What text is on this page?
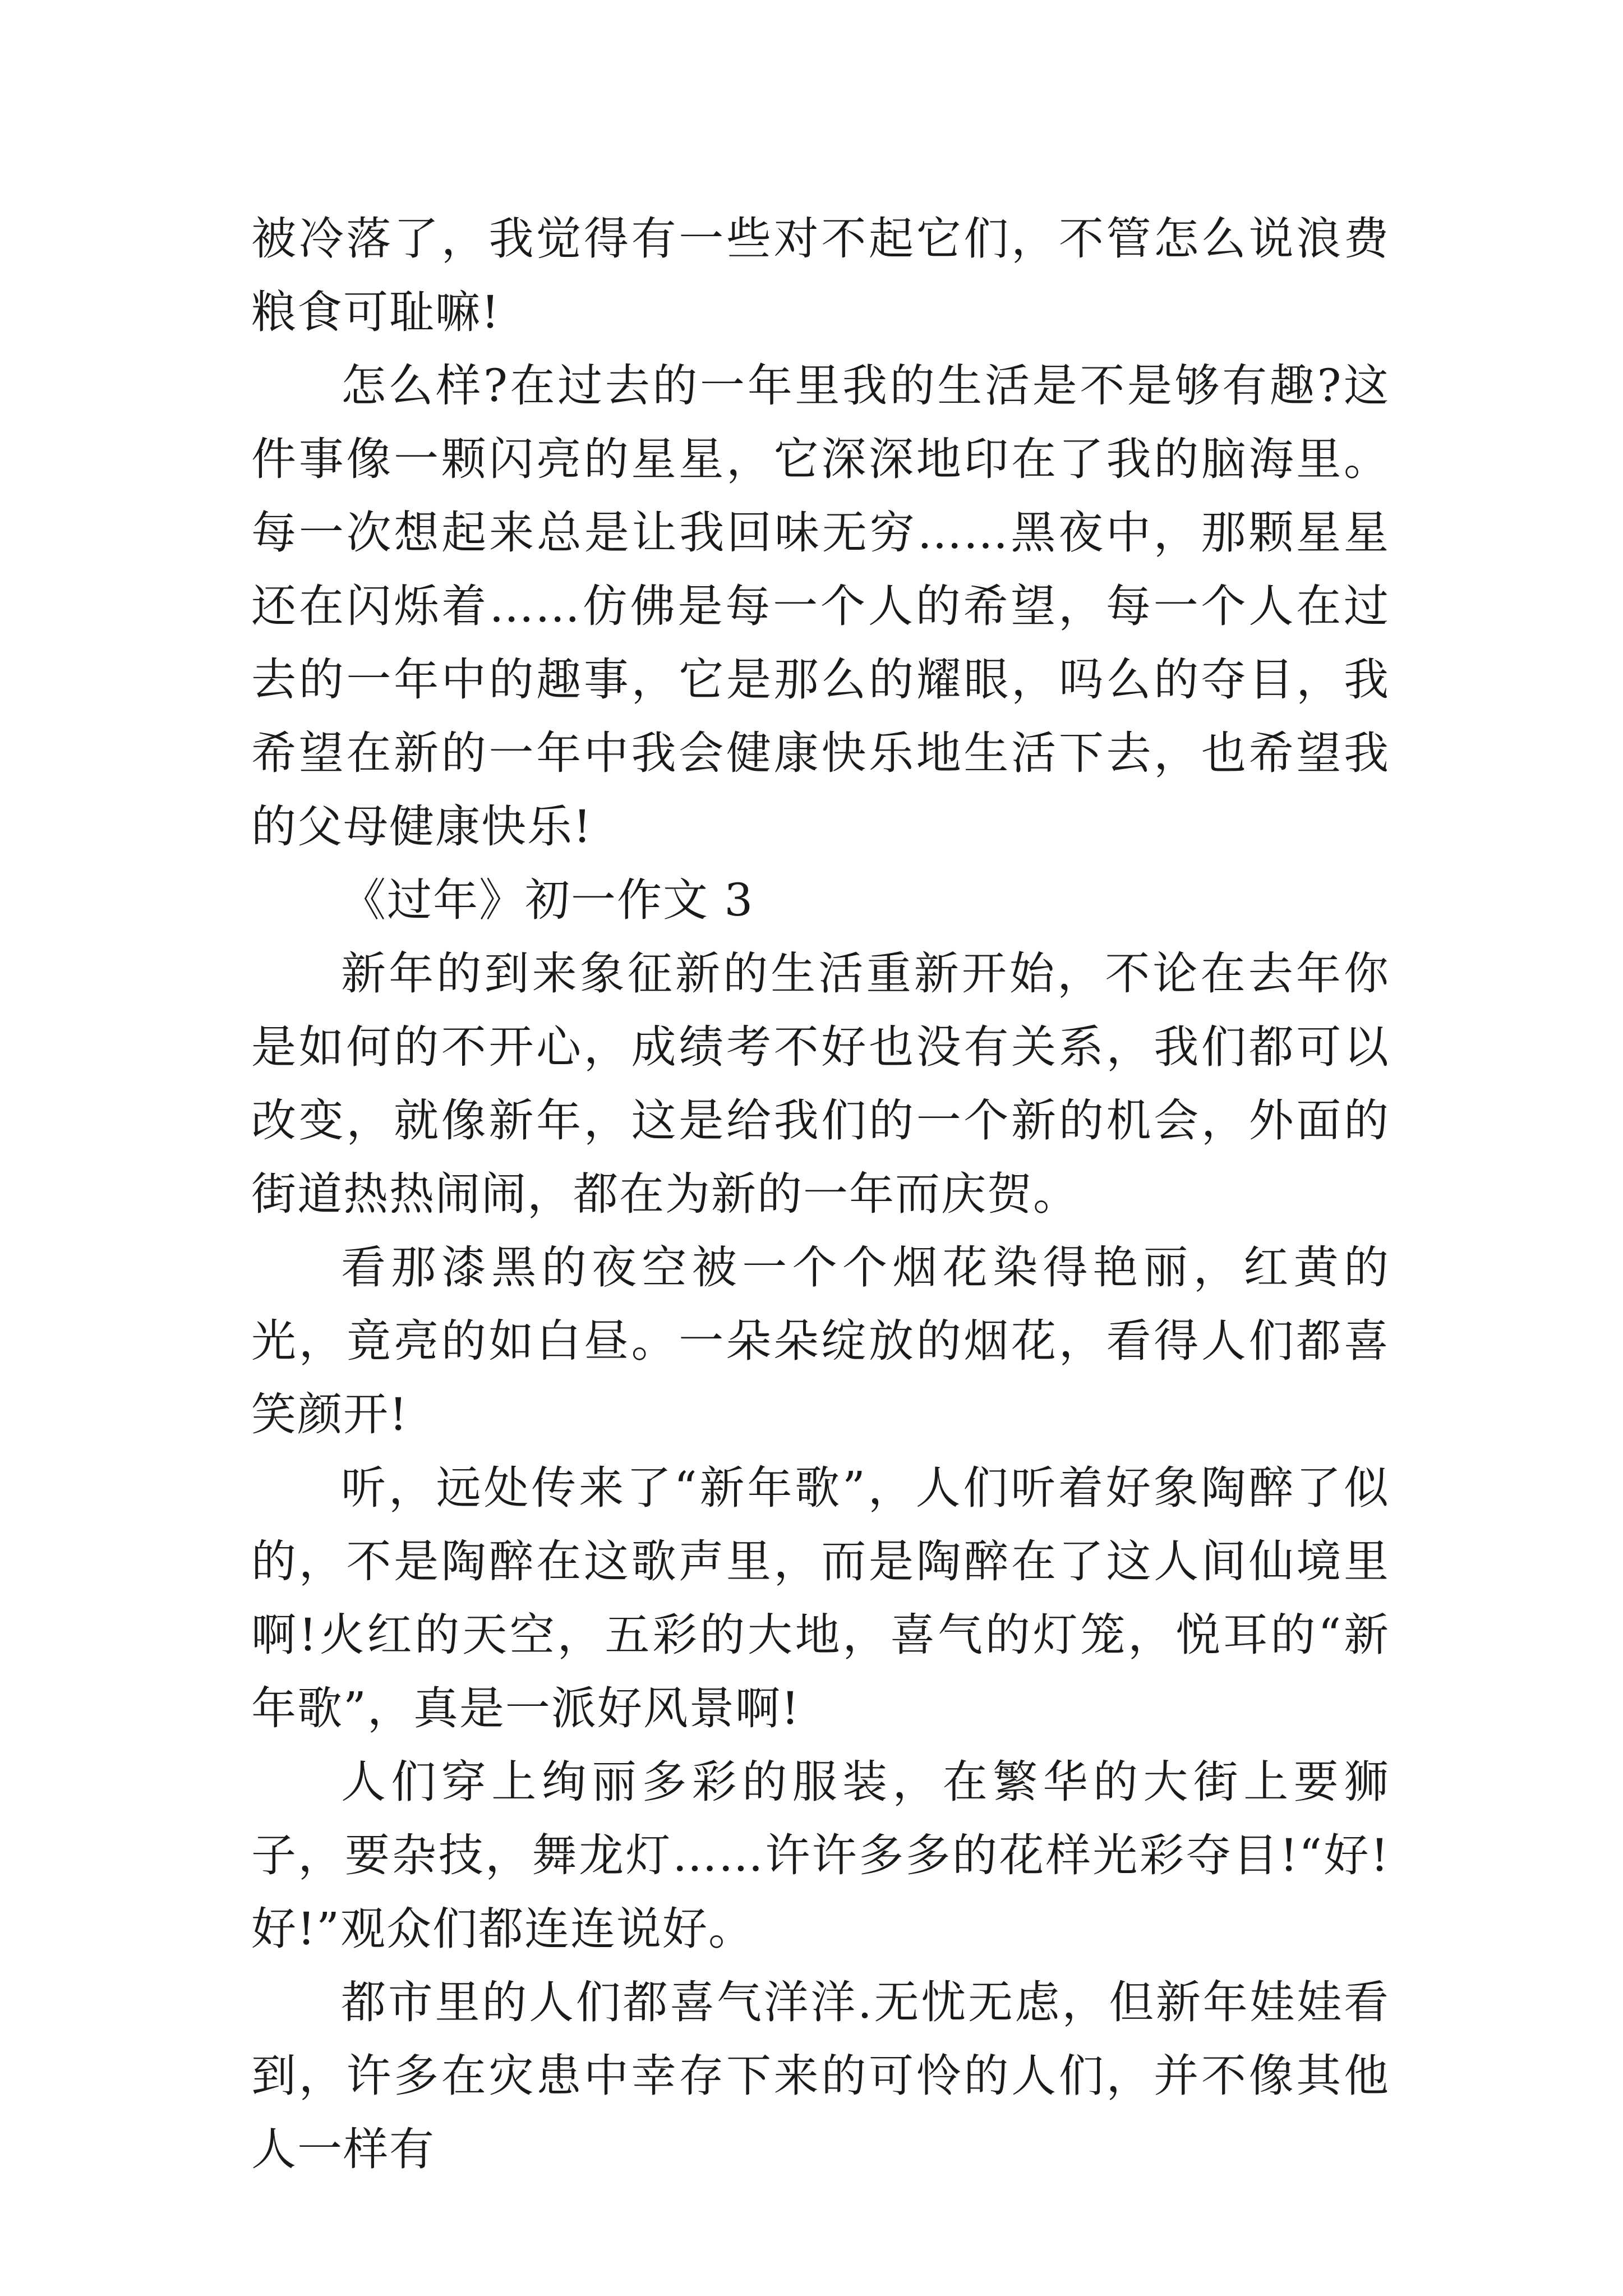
被冷落了，我觉得有一些对不起它们，不管怎么说浪费粮食可耻嘛!

怎么样?在过去的一年里我的生活是不是够有趣?这件事像一颗闪亮的星星，它深深地印在了我的脑海里。每一次想起来总是让我回味无穷……黑夜中，那颗星星还在闪烁着……仿佛是每一个人的希望，每一个人在过去的一年中的趣事，它是那么的耀眼，吗么的夺目，我希望在新的一年中我会健康快乐地生活下去，也希望我的父母健康快乐!

《过年》初一作文 3

新年的到来象征新的生活重新开始，不论在去年你是如何的不开心，成绩考不好也没有关系，我们都可以改变，就像新年，这是给我们的一个新的机会，外面的街道热热闹闹，都在为新的一年而庆贺。

看那漆黑的夜空被一个个烟花染得艳丽，红黄的光，竟亮的如白昼。一朵朵绽放的烟花，看得人们都喜笑颜开!

听，远处传来了“新年歌”，人们听着好象陶醉了似的，不是陶醉在这歌声里，而是陶醉在了这人间仙境里啊!火红的天空，五彩的大地，喜气的灯笼，悦耳的“新年歌”，真是一派好风景啊!

人们穿上绚丽多彩的服装，在繁华的大街上要狮子，要杂技，舞龙灯……许许多多的花样光彩夺目!“好!好!”观众们都连连说好。

都市里的人们都喜气洋洋.无忧无虑，但新年娃娃看到，许多在灾患中幸存下来的可怜的人们，并不像其他人一样有
